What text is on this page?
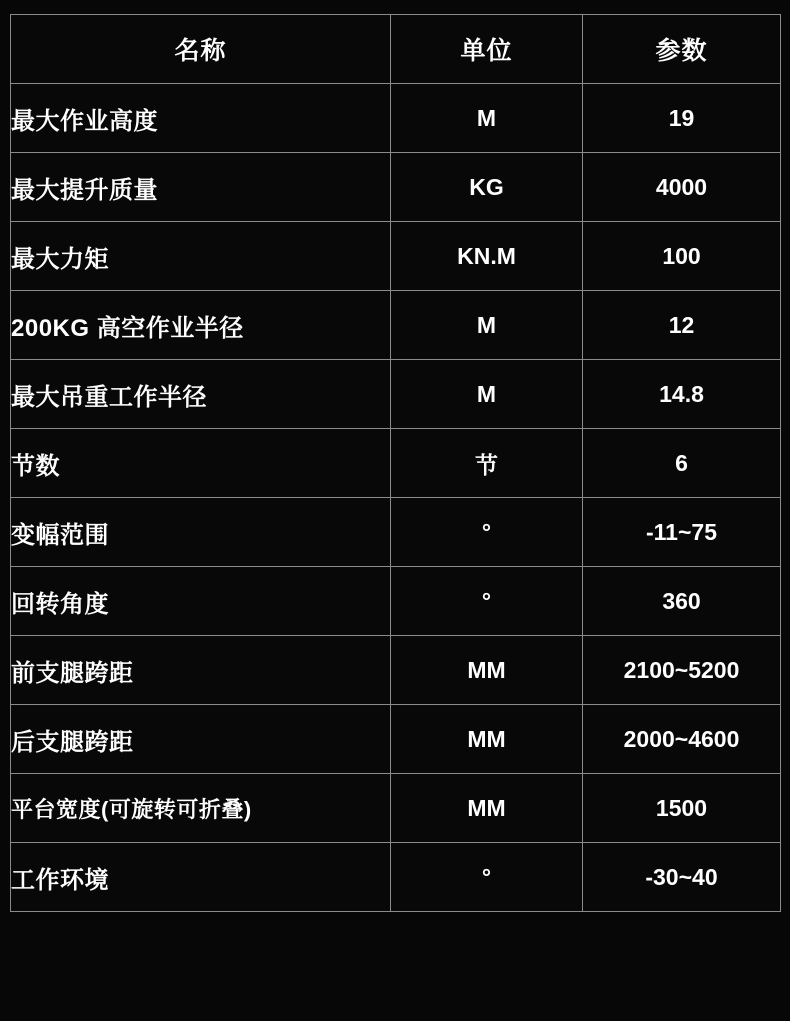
名称	单位	参数
最大作业高度	M	19
最大提升质量	KG	4000
最大力矩	KN.M	100
200KG 高空作业半径	M	12
最大吊重工作半径	M	14.8
节数	节	6
变幅范围	°	-11~75
回转角度	°	360
前支腿跨距	MM	2100~5200
后支腿跨距	MM	2000~4600
平台宽度(可旋转可折叠)	MM	1500
工作环境	°	-30~40
